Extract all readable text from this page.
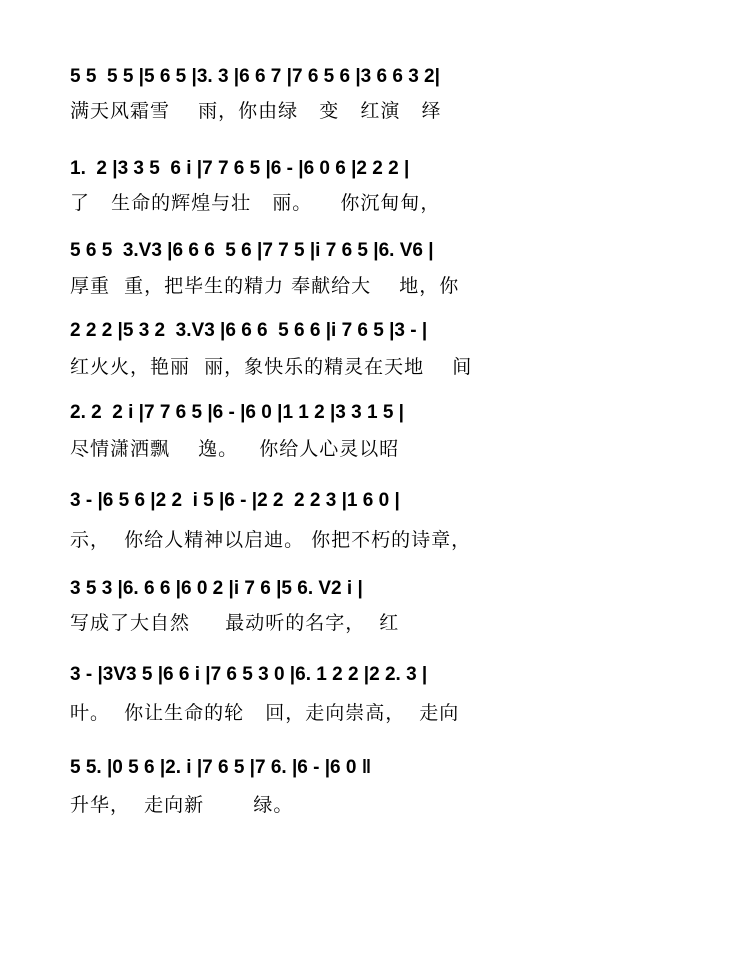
满天风霜雪    雨，你由绿   变   红演   绎
了   生命的辉煌与壮   丽。    你沉甸甸，
厚重  重，把毕生的精力 奉献给大    地，你
红火火，艳丽  丽，象快乐的精灵在天地    间
尽情潇洒飘    逸。   你给人心灵以昭
示，  你给人精神以启迪。 你把不朽的诗章，
写成了大自然     最动听的名字，  红
叶。  你让生命的轮   回，走向崇高，  走向
升华，  走向新       绿。
5 5  5 5 |5 6 5 |3. 3 |6 6 7 |7 6 5 6 |3 6 6 3 2|
1.  2 |3 3 5  6 i |7 7 6 5 |6 - |6 0 6 |2 2 2 |
5 6 5  3.V3 |6 6 6  5 6 |7 7 5 |i 7 6 5 |6. V6 |
2 2 2 |5 3 2  3.V3 |6 6 6  5 6 6 |i 7 6 5 |3 - |
2. 2  2 i |7 7 6 5 |6 - |6 0 |1 1 2 |3 3 1 5 |
3 - |6 5 6 |2 2  i 5 |6 - |2 2  2 2 3 |1 6 0 |
3 5 3 |6. 6 6 |6 0 2 |i 7 6 |5 6. V2 i |
3 - |3V3 5 |6 6 i |7 6 5 3 0 |6. 1 2 2 |2 2. 3 |
5 5. |0 5 6 |2. i |7 6 5 |7 6. |6 - |6 0 ‖
